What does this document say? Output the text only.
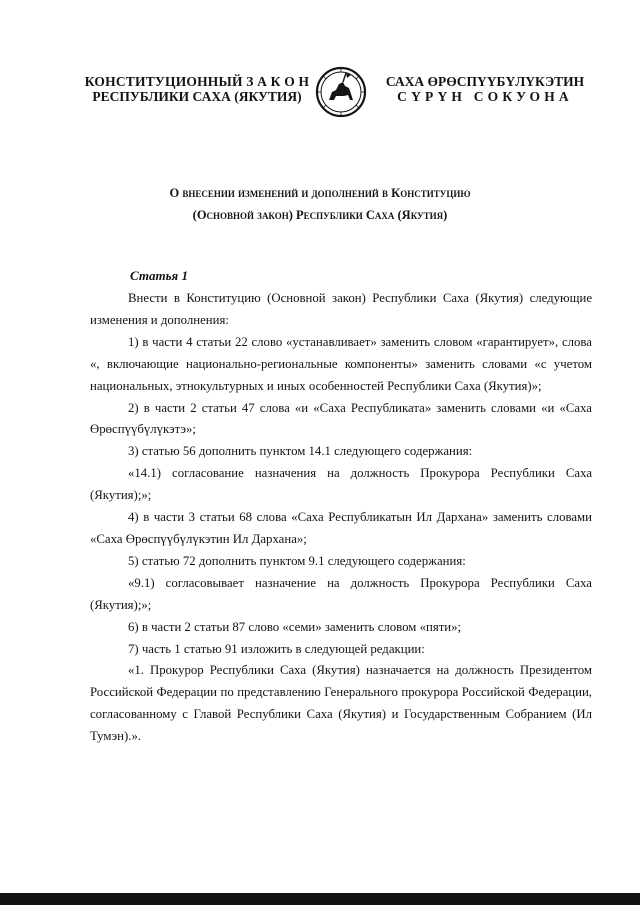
КОНСТИТУЦИОННЫЙ З А К О Н
РЕСПУБЛИКИ САХА (ЯКУТИЯ)
САХА ӨРӨСПҮҮБҮЛҮКЭТИН
СҮРҮН СОКУОНА
О внесении изменений и дополнений в Конституцию
(Основной закон) Республики Саха (Якутия)
Статья 1

Внести в Конституцию (Основной закон) Республики Саха (Якутия) следующие изменения и дополнения:

1) в части 4 статьи 22 слово «устанавливает» заменить словом «гарантирует», слова «, включающие национально-региональные компоненты» заменить словами «с учетом национальных, этнокультурных и иных особенностей Республики Саха (Якутия)»;

2) в части 2 статьи 47 слова «и «Саха Республиката» заменить словами «и «Саха Өрөспүүбүлүкэтэ»;

3) статью 56 дополнить пунктом 14.1 следующего содержания:

«14.1) согласование назначения на должность Прокурора Республики Саха (Якутия);»;

4) в части 3 статьи 68 слова «Саха Республикатын Ил Дархана» заменить словами «Саха Өрөспүүбүлүкэтин Ил Дархана»;

5) статью 72 дополнить пунктом 9.1 следующего содержания:

«9.1) согласовывает назначение на должность Прокурора Республики Саха (Якутия);»;

6) в части 2 статьи 87 слово «семи» заменить словом «пяти»;

7) часть 1 статью 91 изложить в следующей редакции:

«1. Прокурор Республики Саха (Якутия) назначается на должность Президентом Российской Федерации по представлению Генерального прокурора Российской Федерации, согласованному с Главой Республики Саха (Якутия) и Государственным Собранием (Ил Тумэн).».
